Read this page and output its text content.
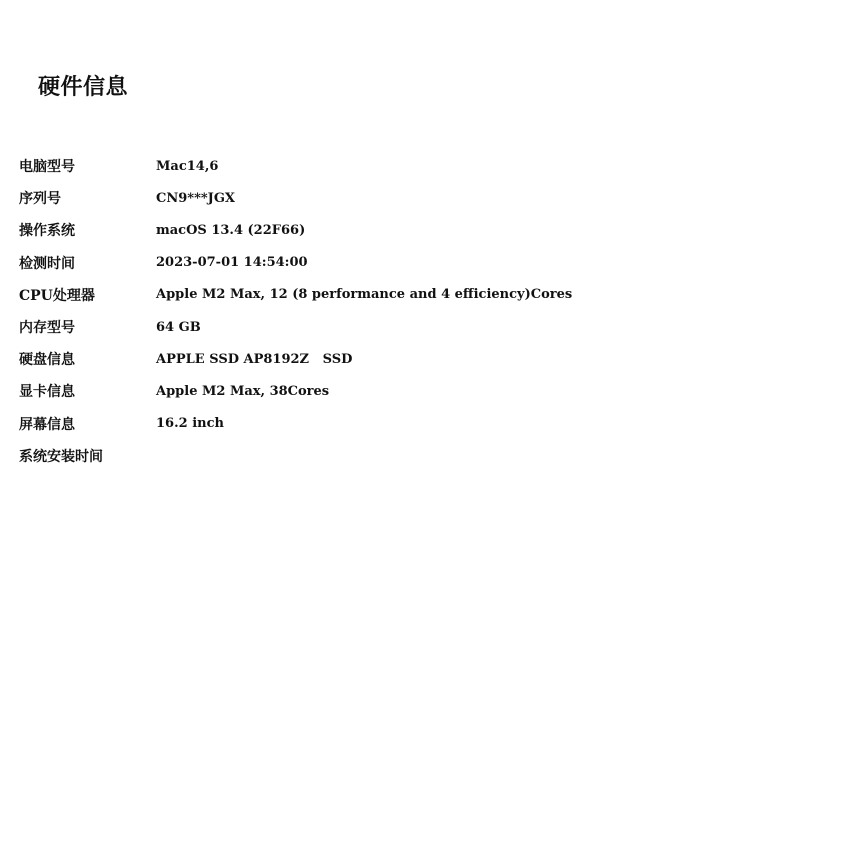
硬件信息
电脑型号	Mac14,6
序列号	CN9***JGX
操作系统	macOS 13.4 (22F66)
检测时间	2023-07-01 14:54:00
CPU处理器	Apple M2 Max, 12 (8 performance and 4 efficiency)Cores
内存型号	64 GB
硬盘信息	APPLE SSD AP8192Z   SSD
显卡信息	Apple M2 Max, 38Cores
屏幕信息	16.2 inch
系统安装时间
